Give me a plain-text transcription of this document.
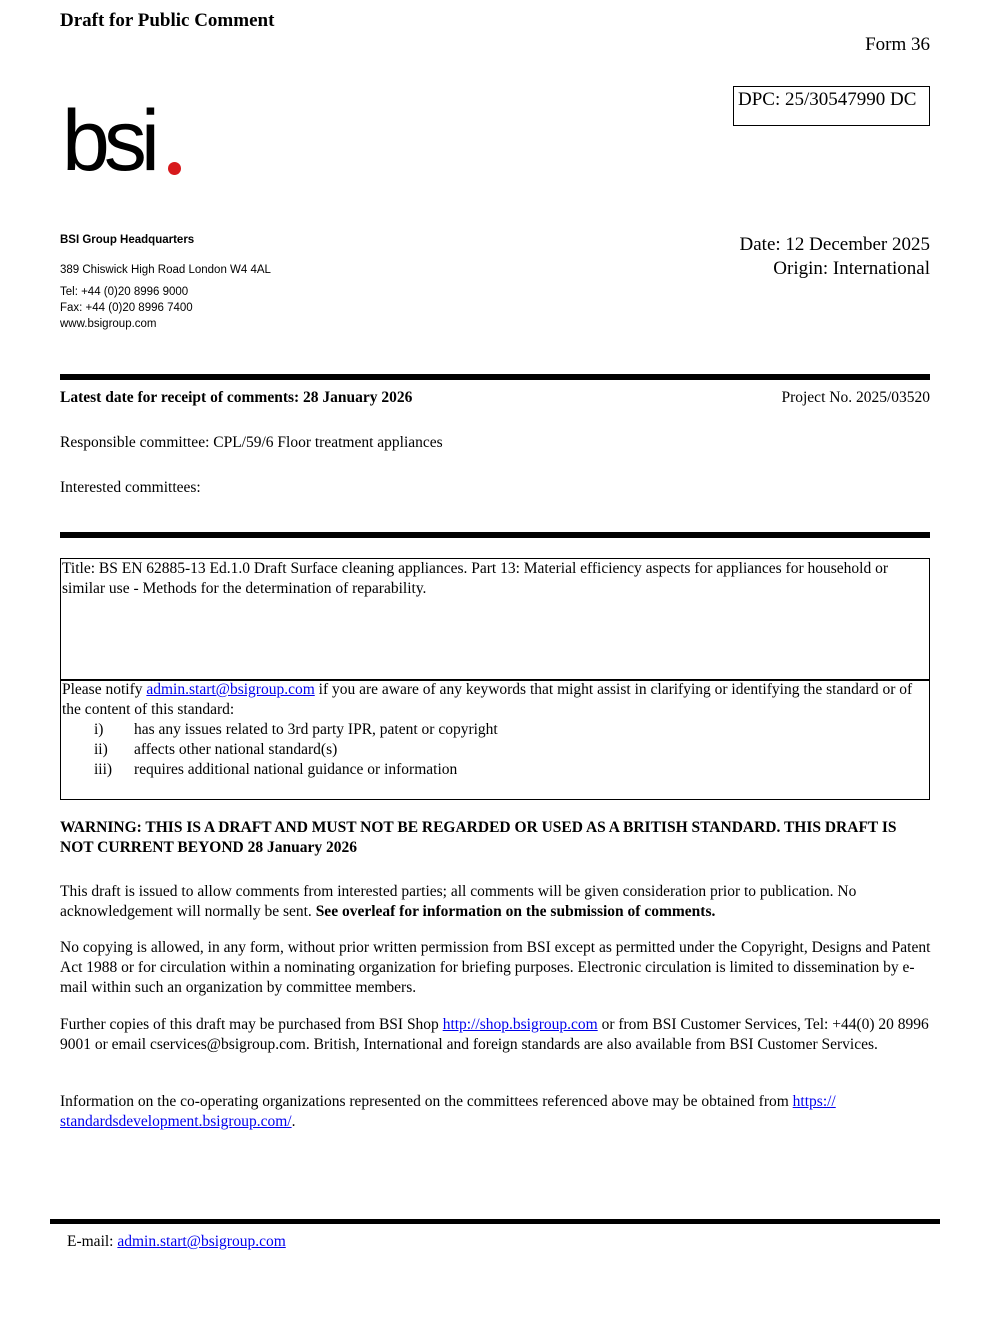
Draft for Public Comment
Form 36
DPC: 25/30547990 DC
bsi
BSI Group Headquarters
389 Chiswick High Road London W4 4AL
Tel: +44 (0)20 8996 9000
Fax: +44 (0)20 8996 7400
www.bsigroup.com
Date: 12 December 2025
Origin: International
Latest date for receipt of comments: 28 January 2026	Project No. 2025/03520
Responsible committee: CPL/59/6 Floor treatment appliances
Interested committees:
Title: BS EN 62885-13 Ed.1.0 Draft Surface cleaning appliances. Part 13: Material efficiency aspects for appliances for household or similar use - Methods for the determination of reparability.
Please notify admin.start@bsigroup.com if you are aware of any keywords that might assist in clarifying or identifying the standard or of the content of this standard:
i) has any issues related to 3rd party IPR, patent or copyright
ii) affects other national standard(s)
iii) requires additional national guidance or information
WARNING: THIS IS A DRAFT AND MUST NOT BE REGARDED OR USED AS A BRITISH STANDARD. THIS DRAFT IS NOT CURRENT BEYOND 28 January 2026
This draft is issued to allow comments from interested parties; all comments will be given consideration prior to publication. No acknowledgement will normally be sent. See overleaf for information on the submission of comments.
No copying is allowed, in any form, without prior written permission from BSI except as permitted under the Copyright, Designs and Patent Act 1988 or for circulation within a nominating organization for briefing purposes. Electronic circulation is limited to dissemination by e-mail within such an organization by committee members.
Further copies of this draft may be purchased from BSI Shop http://shop.bsigroup.com or from BSI Customer Services, Tel: +44(0) 20 8996 9001 or email cservices@bsigroup.com. British, International and foreign standards are also available from BSI Customer Services.
Information on the co-operating organizations represented on the committees referenced above may be obtained from https://
standardsdevelopment.bsigroup.com/.
E-mail: admin.start@bsigroup.com
